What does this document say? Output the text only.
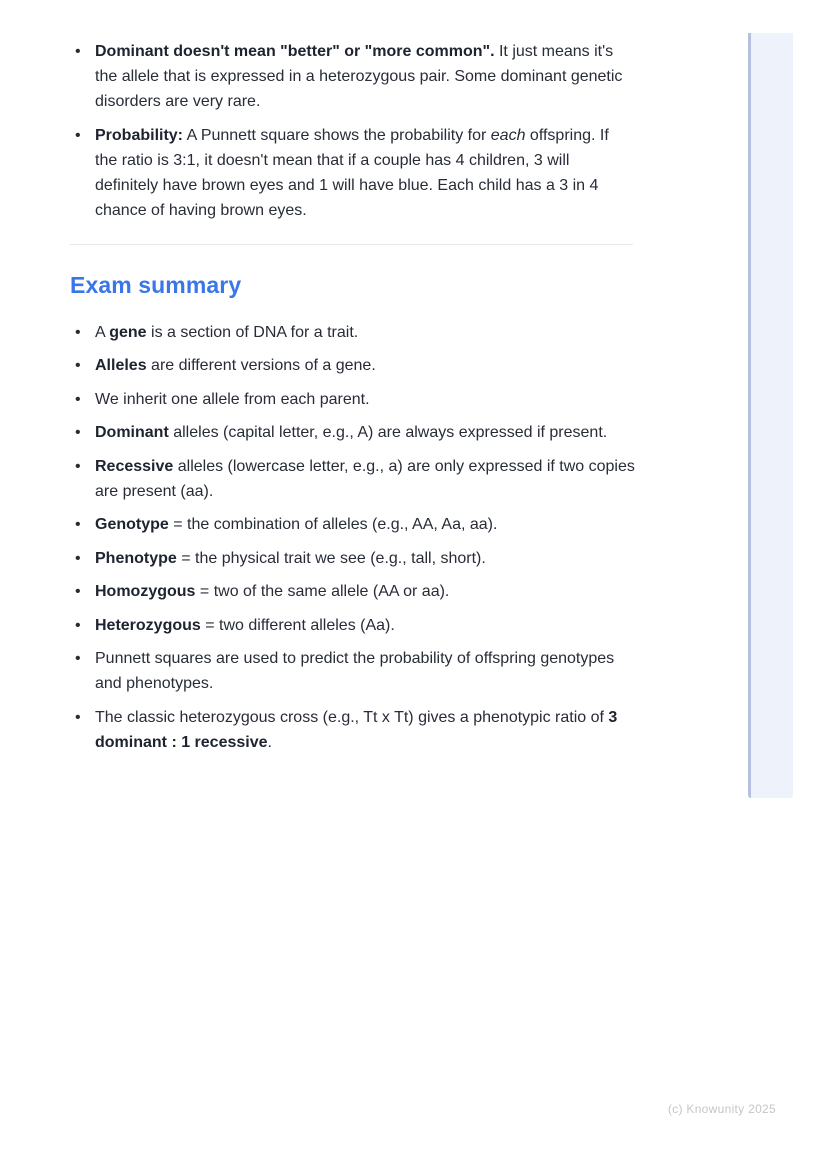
• Dominant doesn't mean "better" or "more common". It just means it's the allele that is expressed in a heterozygous pair. Some dominant genetic disorders are very rare.
• Probability: A Punnett square shows the probability for each offspring. If the ratio is 3:1, it doesn't mean that if a couple has 4 children, 3 will definitely have brown eyes and 1 will have blue. Each child has a 3 in 4 chance of having brown eyes.
Exam summary
• A gene is a section of DNA for a trait.
• Alleles are different versions of a gene.
• We inherit one allele from each parent.
• Dominant alleles (capital letter, e.g., A) are always expressed if present.
• Recessive alleles (lowercase letter, e.g., a) are only expressed if two copies are present (aa).
• Genotype = the combination of alleles (e.g., AA, Aa, aa).
• Phenotype = the physical trait we see (e.g., tall, short).
• Homozygous = two of the same allele (AA or aa).
• Heterozygous = two different alleles (Aa).
• Punnett squares are used to predict the probability of offspring genotypes and phenotypes.
• The classic heterozygous cross (e.g., Tt x Tt) gives a phenotypic ratio of 3 dominant : 1 recessive.
(c) Knowunity 2025
